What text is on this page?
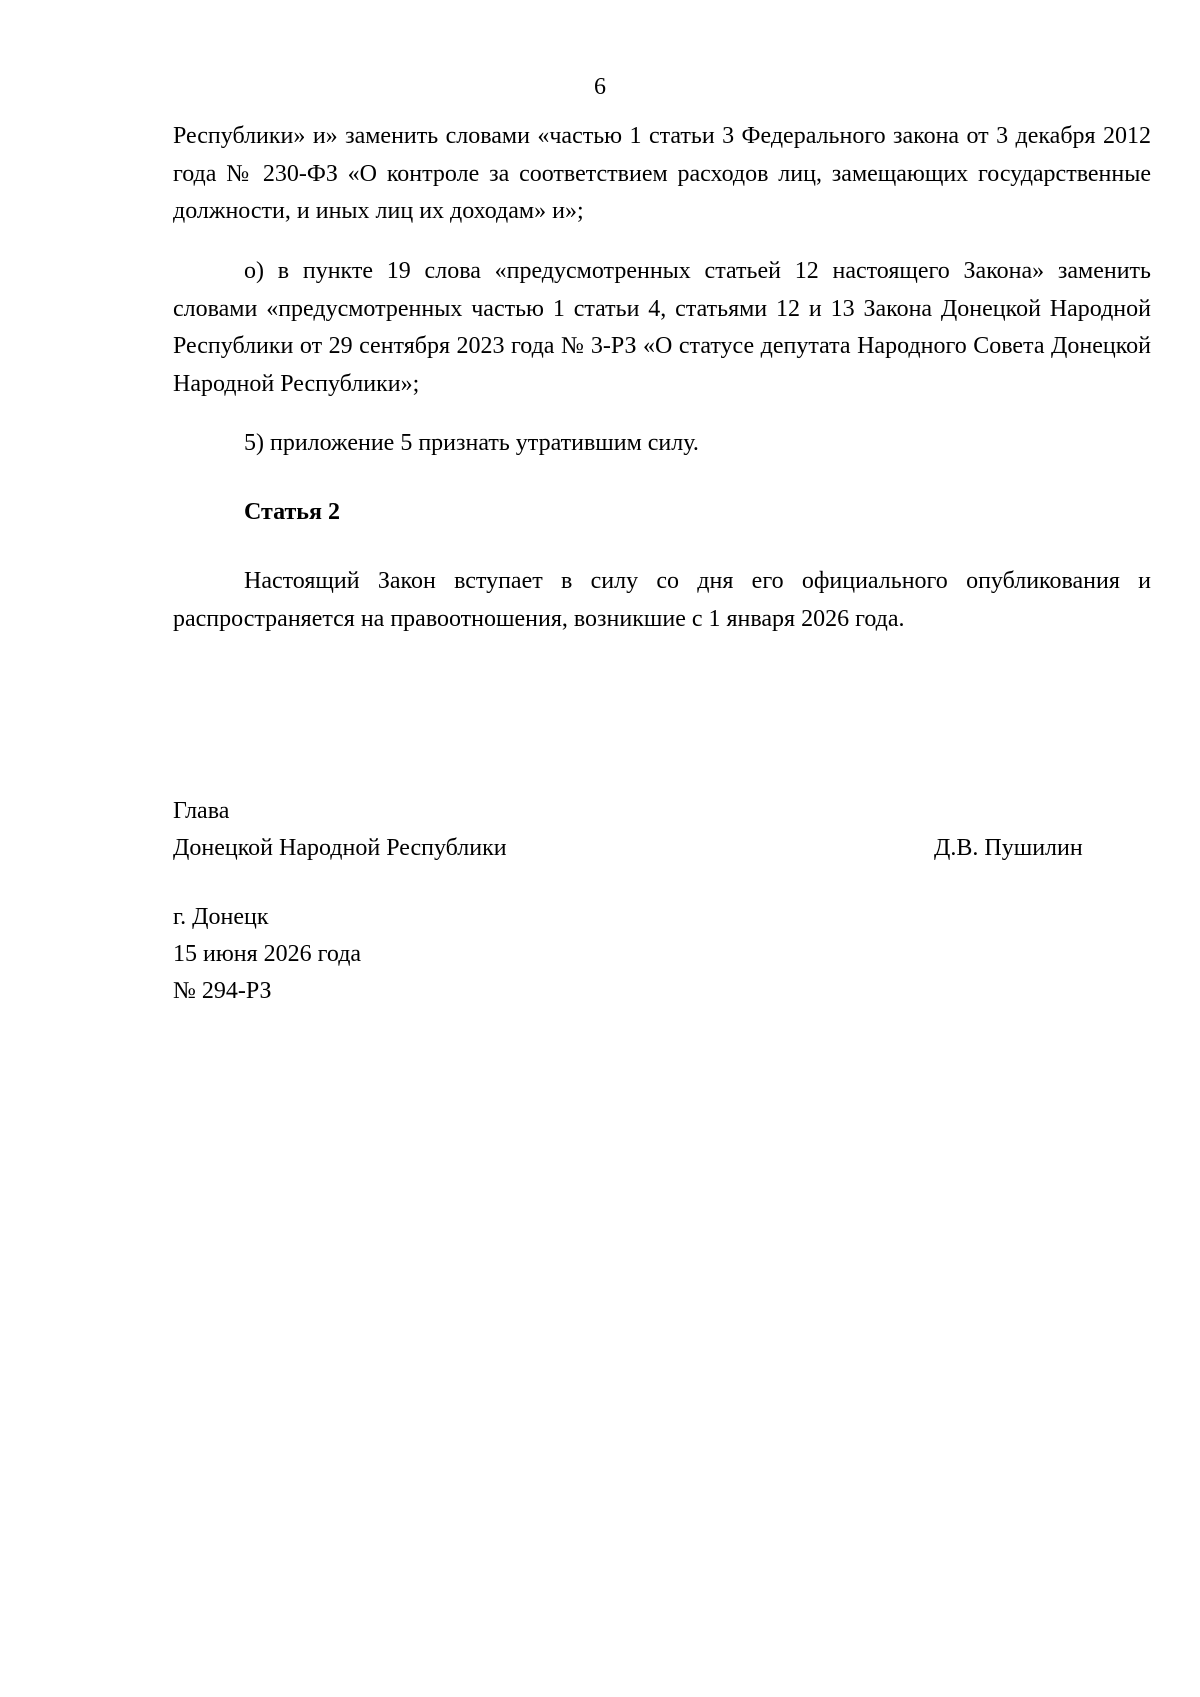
6

Республики» и» заменить словами «частью 1 статьи 3 Федерального закона от 3 декабря 2012 года № 230-ФЗ «О контроле за соответствием расходов лиц, замещающих государственные должности, и иных лиц их доходам» и»;

о) в пункте 19 слова «предусмотренных статьей 12 настоящего Закона» заменить словами «предусмотренных частью 1 статьи 4, статьями 12 и 13 Закона Донецкой Народной Республики от 29 сентября 2023 года № 3-РЗ «О статусе депутата Народного Совета Донецкой Народной Республики»;

5) приложение 5 признать утратившим силу.

Статья 2

Настоящий Закон вступает в силу со дня его официального опубликования и распространяется на правоотношения, возникшие с 1 января 2026 года.

Глава

Донецкой Народной Республики	Д.В. Пушилин

г. Донецк

15 июня 2026 года

№ 294-РЗ
